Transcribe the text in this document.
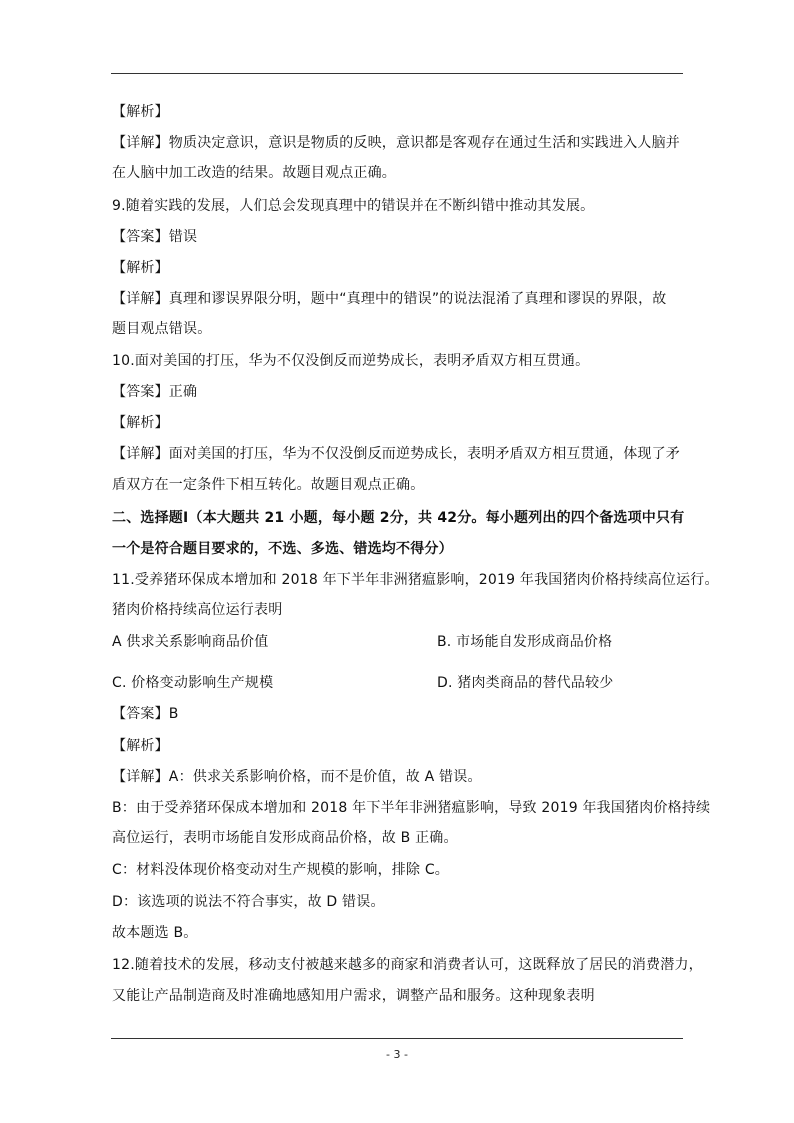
【解析】
【详解】物质决定意识，意识是物质的反映，意识都是客观存在通过生活和实践进入人脑并
在人脑中加工改造的结果。故题目观点正确。
9.随着实践的发展，人们总会发现真理中的错误并在不断纠错中推动其发展。
【答案】错误
【解析】
【详解】真理和谬误界限分明，题中“真理中的错误”的说法混淆了真理和谬误的界限，故
题目观点错误。
10.面对美国的打压，华为不仅没倒反而逆势成长，表明矛盾双方相互贯通。
【答案】正确
【解析】
【详解】面对美国的打压，华为不仅没倒反而逆势成长，表明矛盾双方相互贯通，体现了矛
盾双方在一定条件下相互转化。故题目观点正确。
二、选择题Ⅰ（本大题共 21 小题，每小题 2分，共 42分。每小题列出的四个备选项中只有
一个是符合题目要求的，不选、多选、错选均不得分）
11.受养猪环保成本增加和 2018 年下半年非洲猪瘟影响，2019 年我国猪肉价格持续高位运行。
猪肉价格持续高位运行表明
A 供求关系影响商品价值	B. 市场能自发形成商品价格
C. 价格变动影响生产规模	D. 猪肉类商品的替代品较少
【答案】B
【解析】
【详解】A：供求关系影响价格，而不是价值，故 A 错误。
B：由于受养猪环保成本增加和 2018 年下半年非洲猪瘟影响，导致 2019 年我国猪肉价格持续
高位运行，表明市场能自发形成商品价格，故 B 正确。
C：材料没体现价格变动对生产规模的影响，排除 C。
D：该选项的说法不符合事实，故 D 错误。
故本题选 B。
12.随着技术的发展，移动支付被越来越多的商家和消费者认可，这既释放了居民的消费潜力，
又能让产品制造商及时准确地感知用户需求，调整产品和服务。这种现象表明
- 3 -
